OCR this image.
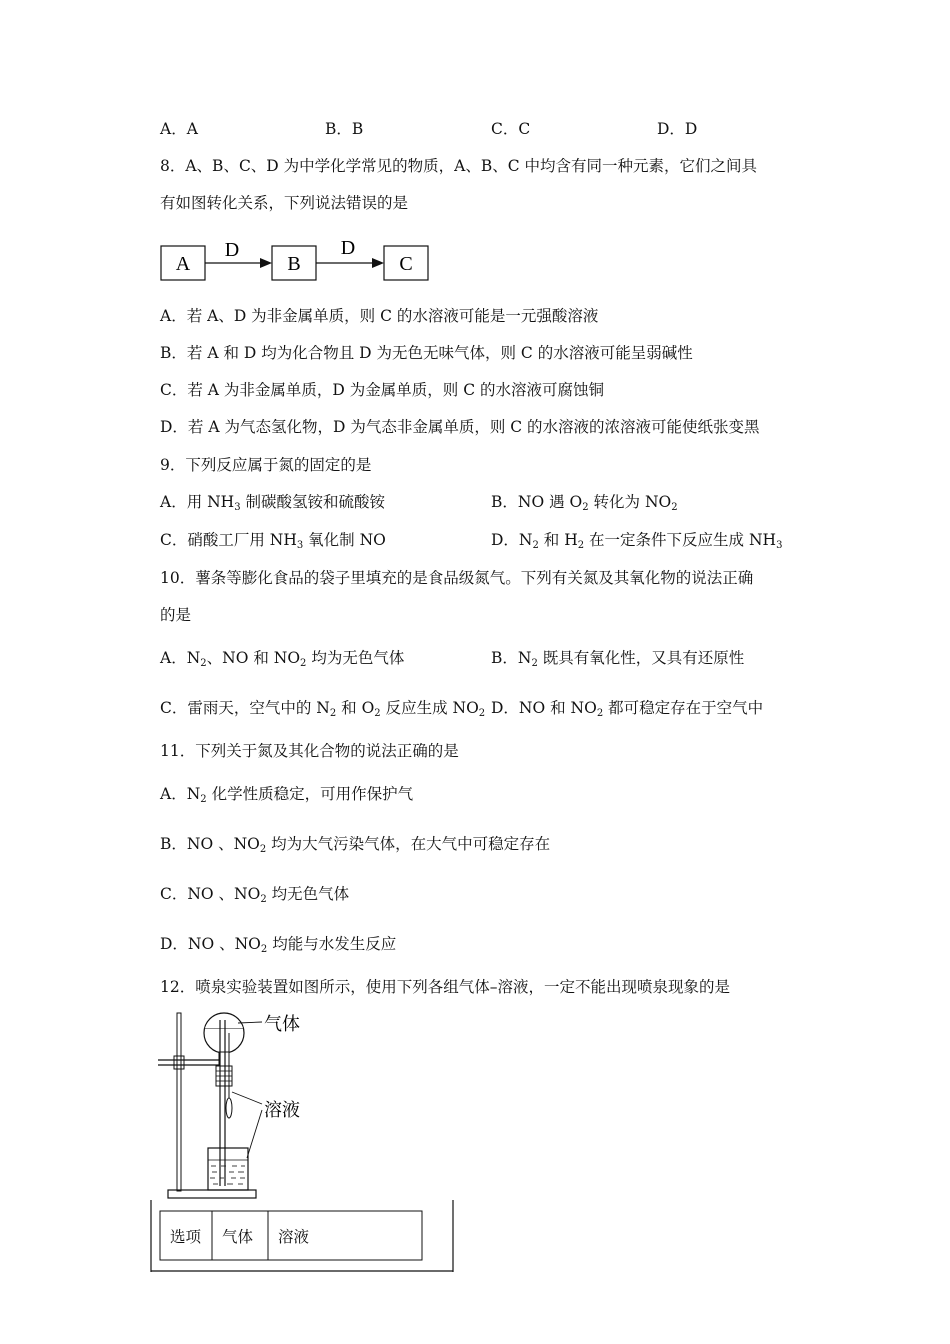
A．A	B．B	C．C	D．D
8．A、B、C、D 为中学化学常见的物质，A、B、C 中均含有同一种元素，它们之间具
有如图转化关系，下列说法错误的是
A
D
B
D
C
A．若 A、D 为非金属单质，则 C 的水溶液可能是一元强酸溶液
B．若 A 和 D 均为化合物且 D 为无色无味气体，则 C 的水溶液可能呈弱碱性
C．若 A 为非金属单质，D 为金属单质，则 C 的水溶液可腐蚀铜
D．若 A 为气态氢化物，D 为气态非金属单质，则 C 的水溶液的浓溶液可能使纸张变黑
9．下列反应属于氮的固定的是
A．用 $NH_3$ 制碳酸氢铵和硫酸铵	B．NO 遇 $O_2$ 转化为 $NO_2$
C．硝酸工厂用 $NH_3$ 氧化制 NO	D．$N_2$ 和 $H_2$ 在一定条件下反应生成 $NH_3$
10．薯条等膨化食品的袋子里填充的是食品级氮气。下列有关氮及其氧化物的说法正确
的是
A．$N_2$、NO 和 $NO_2$ 均为无色气体	B．$N_2$ 既具有氧化性，又具有还原性
C．雷雨天，空气中的 $N_2$ 和 $O_2$ 反应生成 $NO_2$ D．NO 和 $NO_2$ 都可稳定存在于空气中
11．下列关于氮及其化合物的说法正确的是
A．$N_2$ 化学性质稳定，可用作保护气
B．NO 、$NO_2$ 均为大气污染气体，在大气中可稳定存在
C．NO 、$NO_2$ 均无色气体
D．NO 、$NO_2$ 均能与水发生反应
12．喷泉实验装置如图所示，使用下列各组气体–溶液，一定不能出现喷泉现象的是
气体
溶液
选项 气体 溶液
